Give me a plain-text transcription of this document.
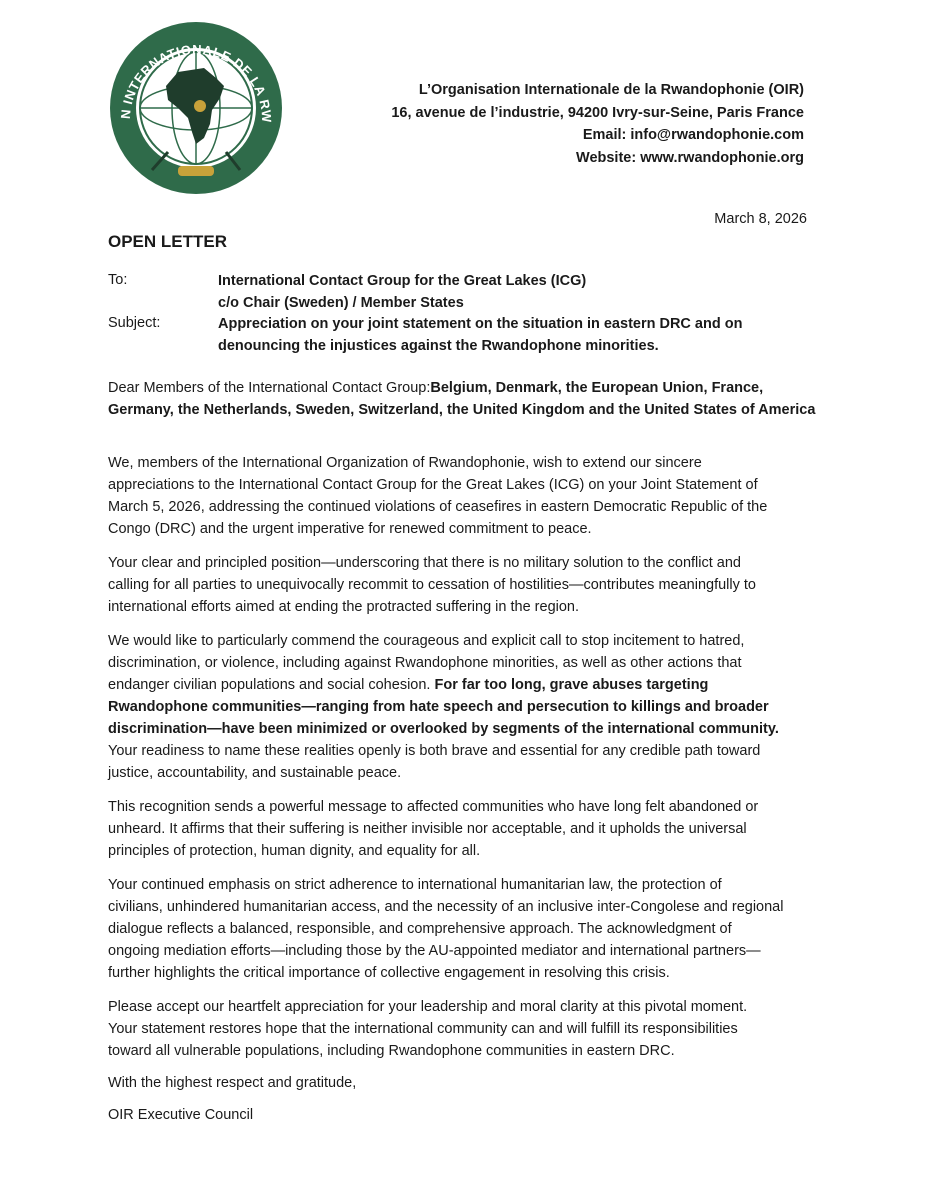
N INTERNATIONALE DE LA RW
L’Organisation Internationale de la Rwandophonie (OIR)
16, avenue de l’industrie, 94200 Ivry-sur-Seine, Paris France
Email: info@rwandophonie.com
Website: www.rwandophonie.org
March 8, 2026
OPEN LETTER
To:	International Contact Group for the Great Lakes (ICG)
c/o Chair (Sweden) / Member States
Subject:	Appreciation on your joint statement on the situation in eastern DRC and on
denouncing the injustices against the Rwandophone minorities.
Dear Members of the International Contact Group:Belgium, Denmark, the European Union, France,
Germany, the Netherlands, Sweden, Switzerland, the United Kingdom and the United States of America
We, members of the International Organization of Rwandophonie, wish to extend our sincere
appreciations to the International Contact Group for the Great Lakes (ICG) on your Joint Statement of
March 5, 2026, addressing the continued violations of ceasefires in eastern Democratic Republic of the
Congo (DRC) and the urgent imperative for renewed commitment to peace.
Your clear and principled position—underscoring that there is no military solution to the conflict and
calling for all parties to unequivocally recommit to cessation of hostilities—contributes meaningfully to
international efforts aimed at ending the protracted suffering in the region.
We would like to particularly commend the courageous and explicit call to stop incitement to hatred,
discrimination, or violence, including against Rwandophone minorities, as well as other actions that
endanger civilian populations and social cohesion. For far too long, grave abuses targeting
Rwandophone communities—ranging from hate speech and persecution to killings and broader
discrimination—have been minimized or overlooked by segments of the international community.
Your readiness to name these realities openly is both brave and essential for any credible path toward
justice, accountability, and sustainable peace.
This recognition sends a powerful message to affected communities who have long felt abandoned or
unheard. It affirms that their suffering is neither invisible nor acceptable, and it upholds the universal
principles of protection, human dignity, and equality for all.
Your continued emphasis on strict adherence to international humanitarian law, the protection of
civilians, unhindered humanitarian access, and the necessity of an inclusive inter-Congolese and regional
dialogue reflects a balanced, responsible, and comprehensive approach. The acknowledgment of
ongoing mediation efforts—including those by the AU-appointed mediator and international partners—
further highlights the critical importance of collective engagement in resolving this crisis.
Please accept our heartfelt appreciation for your leadership and moral clarity at this pivotal moment.
Your statement restores hope that the international community can and will fulfill its responsibilities
toward all vulnerable populations, including Rwandophone communities in eastern DRC.
With the highest respect and gratitude,
OIR Executive Council
